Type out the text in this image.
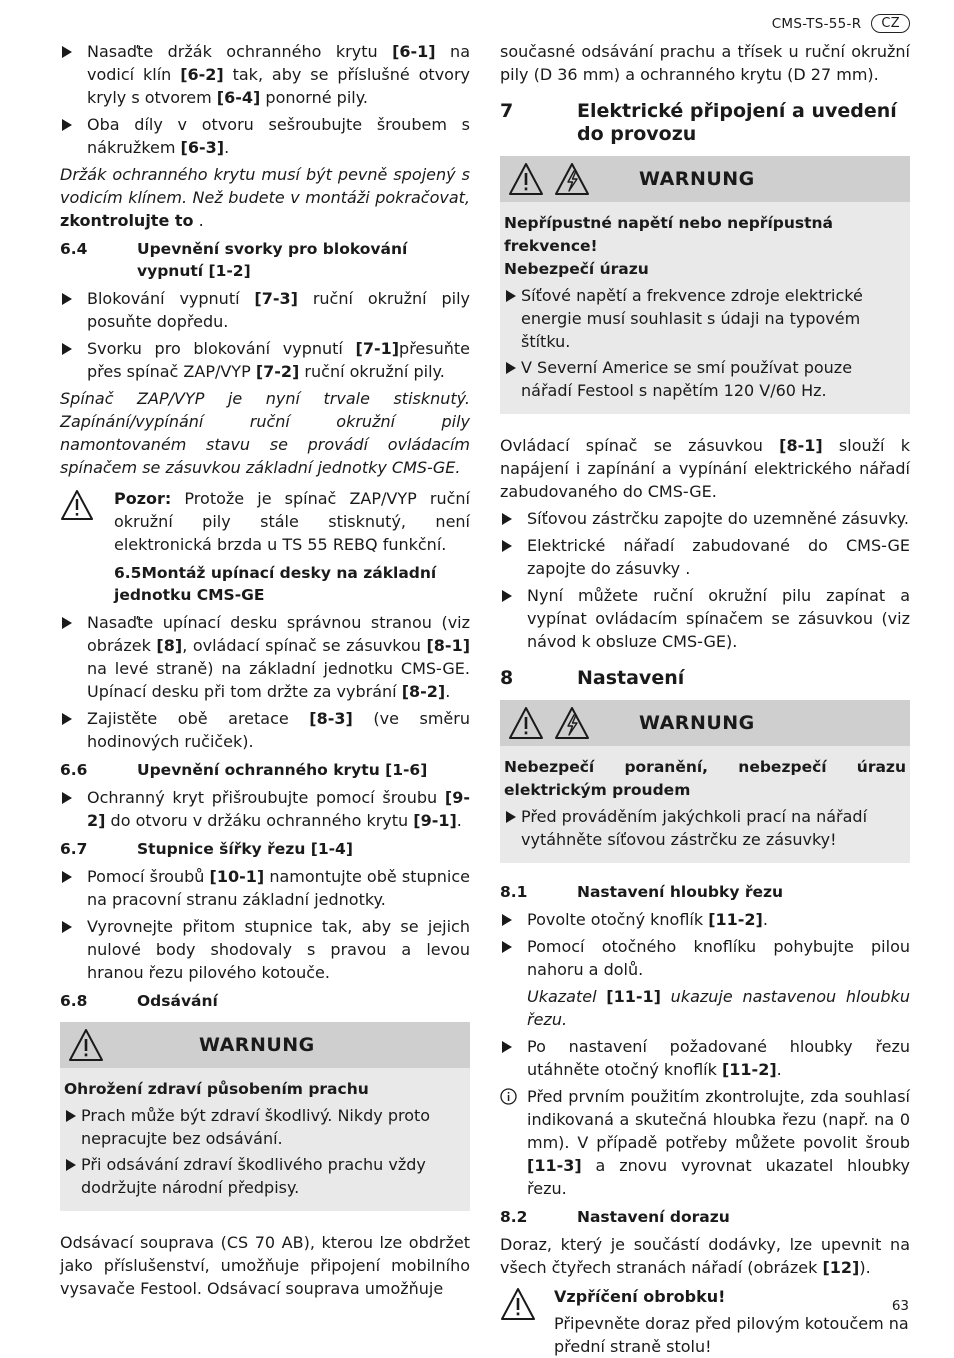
CMS-TS-55-R	CZ
Nasaďte držák ochranného krytu [6-1] na vodicí klín [6-2] tak, aby se příslušné otvory kryly s otvorem [6-4] ponorné pily.
Oba díly v otvoru sešroubujte šroubem s nákružkem [6-3].

Držák ochranného krytu musí být pevně spojený s vodicím klínem. Než budete v montáži pokračovat, zkontrolujte to .

6.4	Upevnění svorky pro blokování vypnutí [1-2]
Blokování vypnutí [7-3] ruční okružní pily posuňte dopředu.
Svorku pro blokování vypnutí [7-1]přesuňte přes spínač ZAP/VYP [7-2] ruční okružní pily.

Spínač ZAP/VYP je nyní trvale stisknutý. Zapínání/vypínání ruční okružní pily namontovaném stavu se provádí ovládacím spínačem se zásuvkou základní jednotky CMS-GE.

Pozor: Protože je spínač ZAP/VYP ruční okružní pily stále stisknutý, není elektronická brzda u TS 55 REBQ funkční.

6.5Montáž upínací desky na základní jednotku CMS-GE
Nasaďte upínací desku správnou stranou (viz obrázek [8], ovládací spínač se zásuvkou [8-1] na levé straně) na základní jednotku CMS-GE. Upínací desku při tom držte za vybrání [8-2].
Zajistěte obě aretace [8-3] (ve směru hodinových ručiček).
6.6	Upevnění ochranného krytu [1-6]
Ochranný kryt přišroubujte pomocí šroubu [9-2] do otvoru v držáku ochranného krytu [9-1].
6.7	Stupnice šířky řezu [1-4]
Pomocí šroubů [10-1] namontujte obě stupnice na pracovní stranu základní jednotky.
Vyrovnejte přitom stupnice tak, aby se jejich nulové body shodovaly s pravou a levou hranou řezu pilového kotouče.
6.8	Odsávání
WARNUNG
Ohrožení zdraví působením prachu
Prach může být zdraví škodlivý. Nikdy proto nepracujte bez odsávání.
Při odsávání zdraví škodlivého prachu vždy dodržujte národní předpisy.

Odsávací souprava (CS 70 AB), kterou lze obdržet jako příslušenství, umožňuje připojení mobilního vysavače Festool. Odsávací souprava umožňuje

současné odsávání prachu a třísek u ruční okružní pily (D 36 mm) a ochranného krytu (D 27 mm).

7	Elektrické připojení a uvedení do provozu
WARNUNG
Nepřípustné napětí nebo nepřípustná frekvence!
Nebezpečí úrazu
Síťové napětí a frekvence zdroje elektrické energie musí souhlasit s údaji na typovém štítku.
V Severní Americe se smí používat pouze nářadí Festool s napětím 120 V/60 Hz.

Ovládací spínač se zásuvkou [8-1] slouží k napájení i zapínání a vypínání elektrického nářadí zabudovaného do CMS-GE.

Síťovou zástrčku zapojte do uzemněné zásuvky.
Elektrické nářadí zabudované do CMS-GE zapojte do zásuvky .
Nyní můžete ruční okružní pilu zapínat a vypínat ovládacím spínačem se zásuvkou (viz návod k obsluze CMS-GE).
8	Nastavení
WARNUNG
Nebezpečí poranění, nebezpečí úrazu elektrickým proudem
Před prováděním jakýchkoli prací na nářadí vytáhněte síťovou zástrčku ze zásuvky!
8.1	Nastavení hloubky řezu
Povolte otočný knoflík [11-2].
Pomocí otočného knoflíku pohybujte pilou nahoru a dolů.

Ukazatel [11-1] ukazuje nastavenou hloubku řezu.

Po nastavení požadované hloubky řezu utáhněte otočný knoflík [11-2].
Před prvním použitím zkontrolujte, zda souhlasí indikovaná a skutečná hloubka řezu (např. na 0 mm). V případě potřeby můžete povolit šroub [11-3] a znovu vyrovnat ukazatel hloubky řezu.
8.2	Nastavení dorazu

Doraz, který je součástí dodávky, lze upevnit na všech čtyřech stranách nářadí (obrázek [12]).

Vzpříčení obrobku!

Připevněte doraz před pilovým kotoučem na přední straně stolu!

63
